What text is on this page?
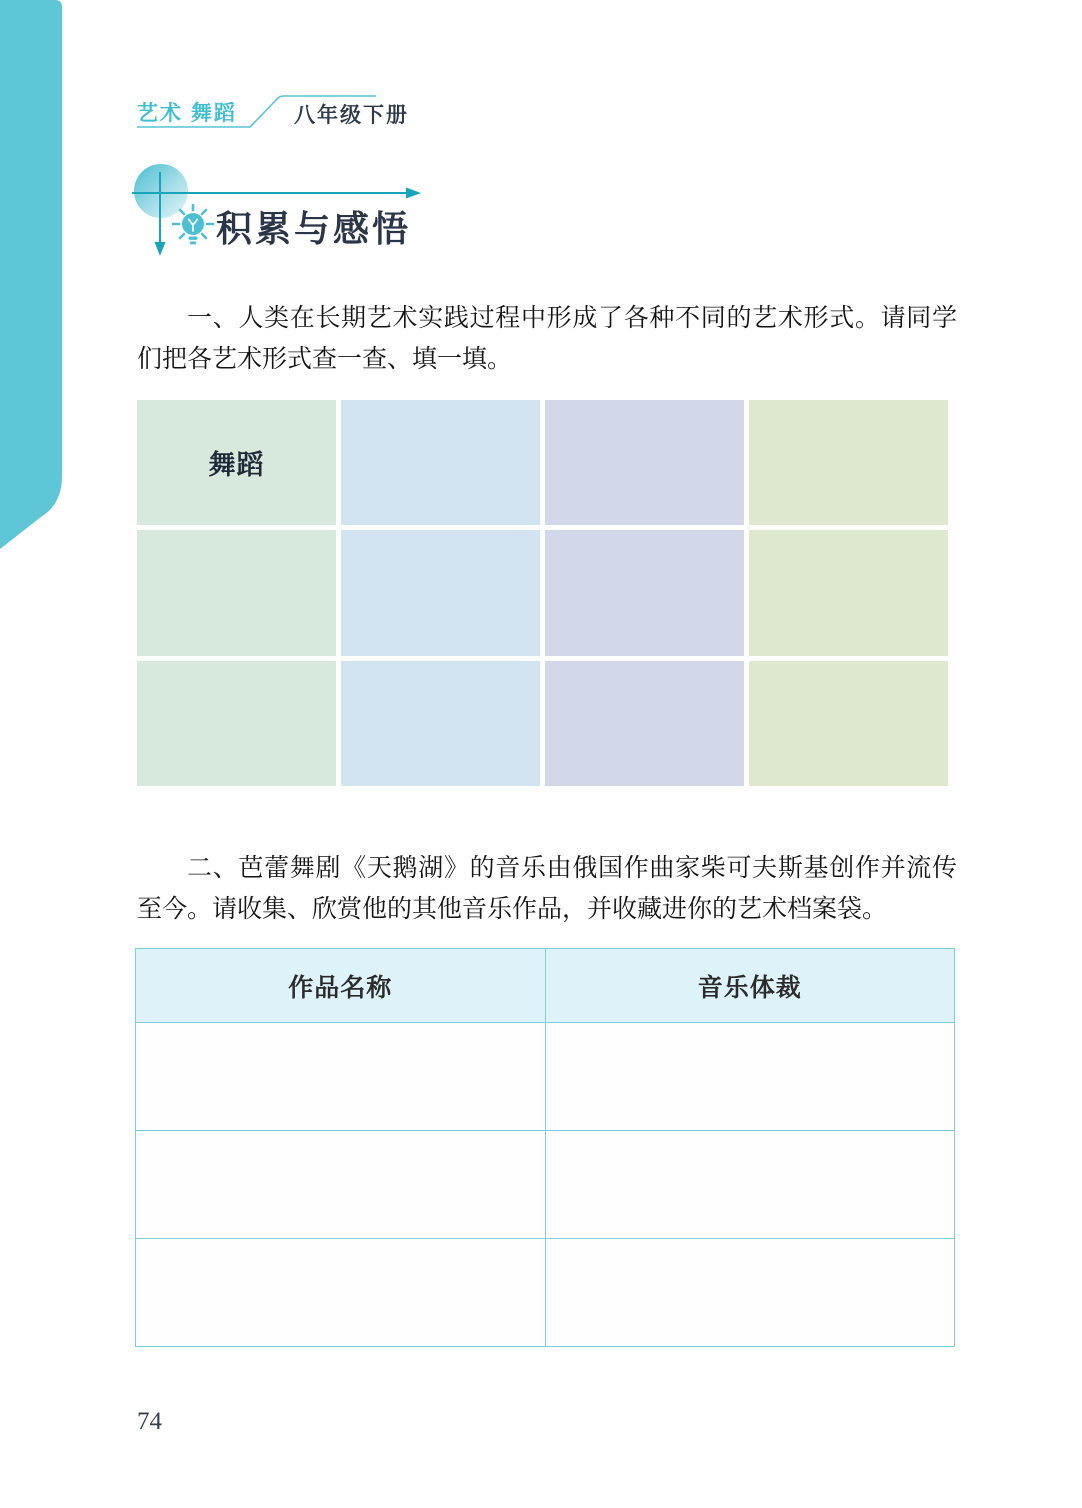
艺术 舞蹈	八年级下册
积累与感悟

一、人类在长期艺术实践过程中形成了各种不同的艺术形式。请同学们把各艺术形式查一查、填一填。

舞蹈

二、芭蕾舞剧《天鹅湖》的音乐由俄国作曲家柴可夫斯基创作并流传至今。请收集、欣赏他的其他音乐作品，并收藏进你的艺术档案袋。

作品名称	音乐体裁

74
